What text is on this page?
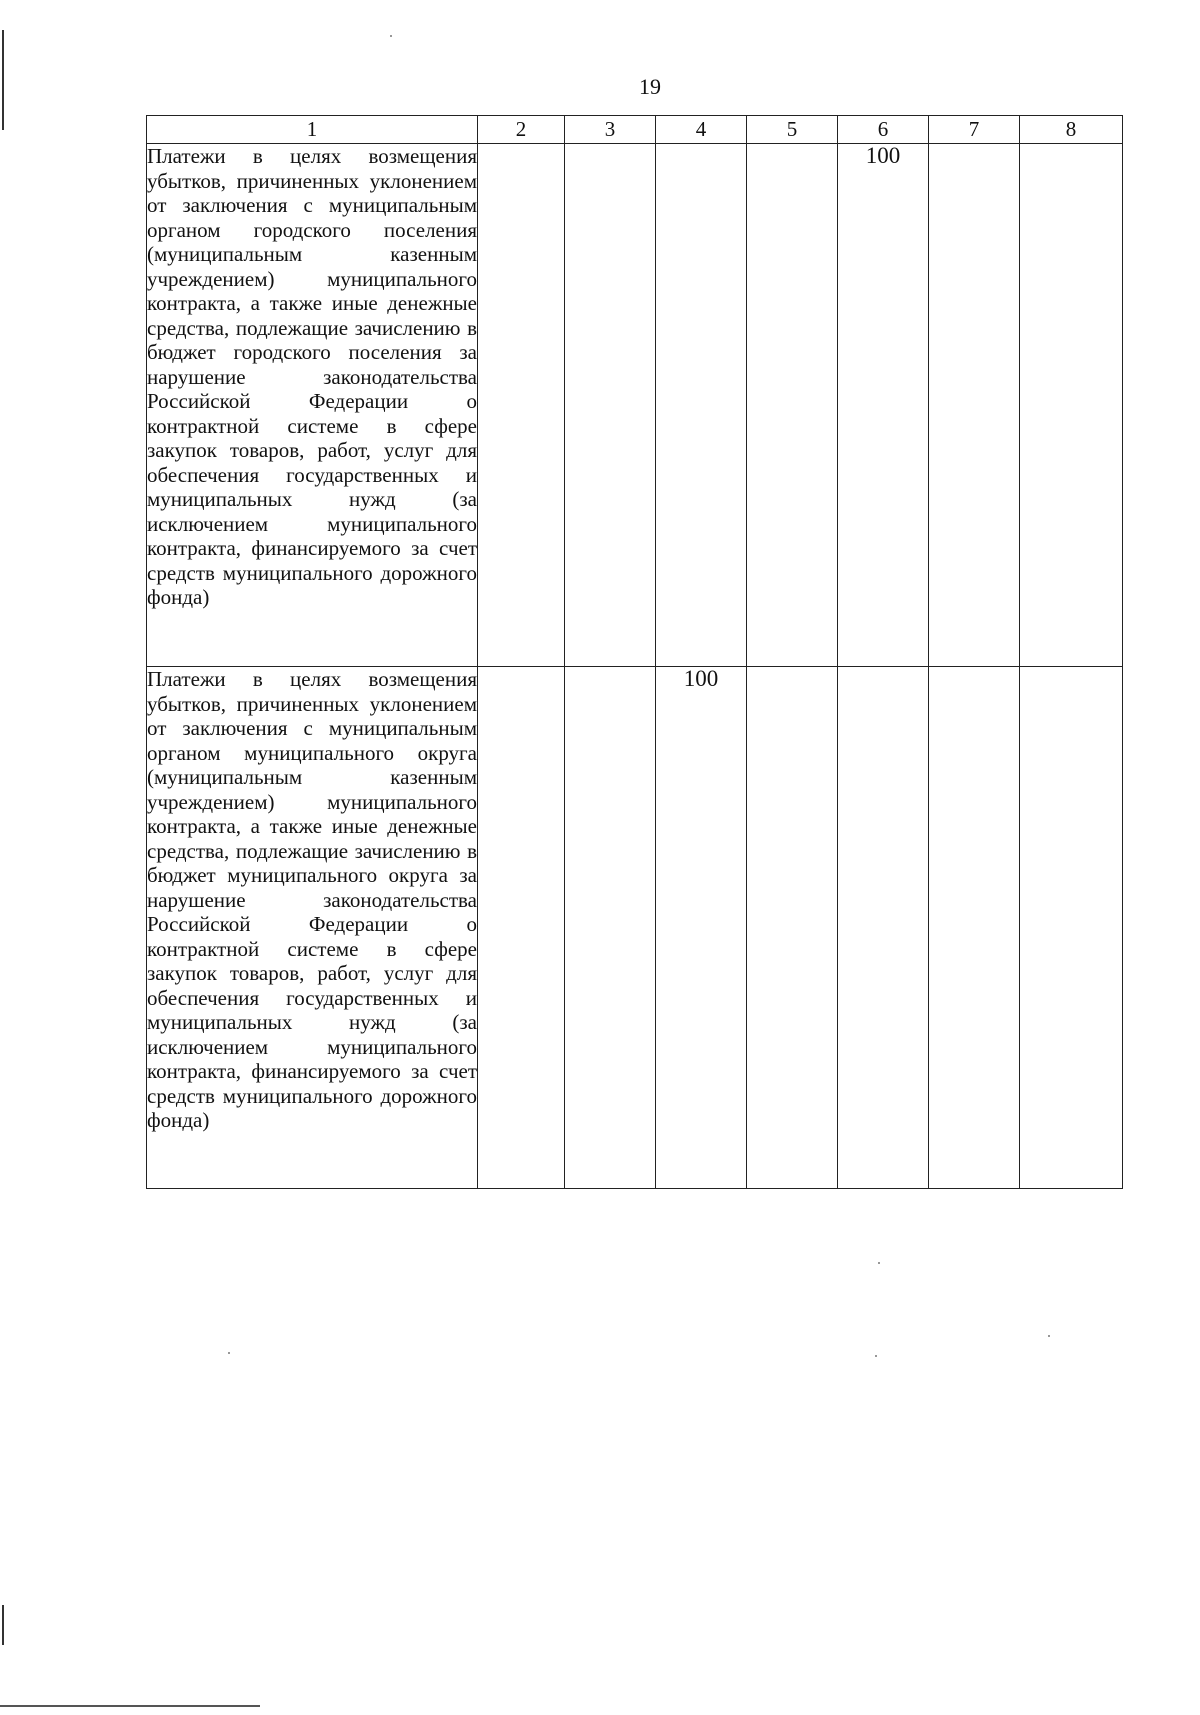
19
1	2	3	4	5	6	7	8
Платежи в целях возмещения убытков, причиненных уклонением от заключения с муниципальным органом городского поселения (муниципальным казенным учреждением) муниципального контракта, а также иные денежные средства, подлежащие зачислению в бюджет городского поселения за нарушение законодательства Российской Федерации о контрактной системе в сфере закупок товаров, работ, услуг для обеспечения государственных и муниципальных нужд (за исключением муниципального контракта, финансируемого за счет средств муниципального дорожного фонда)					100		
Платежи в целях возмещения убытков, причиненных уклонением от заключения с муниципальным органом муниципального округа (муниципальным казенным учреждением) муниципального контракта, а также иные денежные средства, подлежащие зачислению в бюджет муниципального округа за нарушение законодательства Российской Федерации о контрактной системе в сфере закупок товаров, работ, услуг для обеспечения государственных и муниципальных нужд (за исключением муниципального контракта, финансируемого за счет средств муниципального дорожного фонда)			100				
